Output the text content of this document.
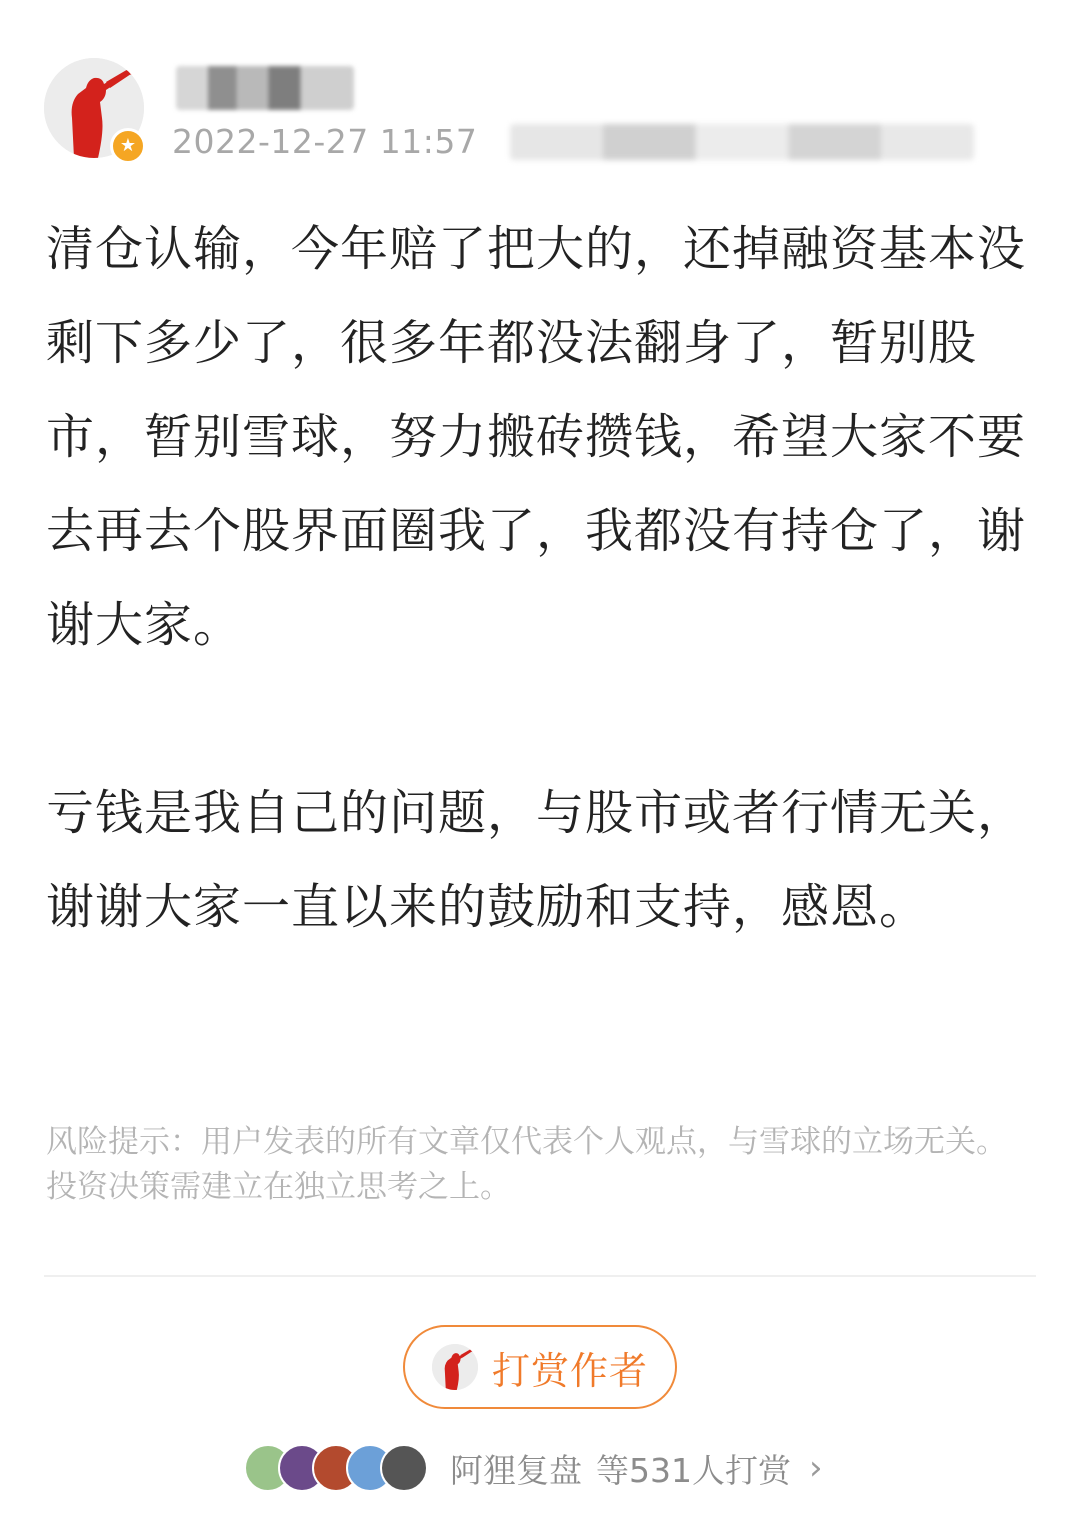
★	2022-12-27 11:57

清仓认输，今年赔了把大的，还掉融资基本没剩下多少了，很多年都没法翻身了，暂别股市，暂别雪球，努力搬砖攒钱，希望大家不要去再去个股界面圈我了，我都没有持仓了，谢谢大家。

亏钱是我自己的问题，与股市或者行情无关，谢谢大家一直以来的鼓励和支持，感恩。

风险提示：用户发表的所有文章仅代表个人观点，与雪球的立场无关。投资决策需建立在独立思考之上。
打赏作者
阿狸复盘 等531人打赏 ›
